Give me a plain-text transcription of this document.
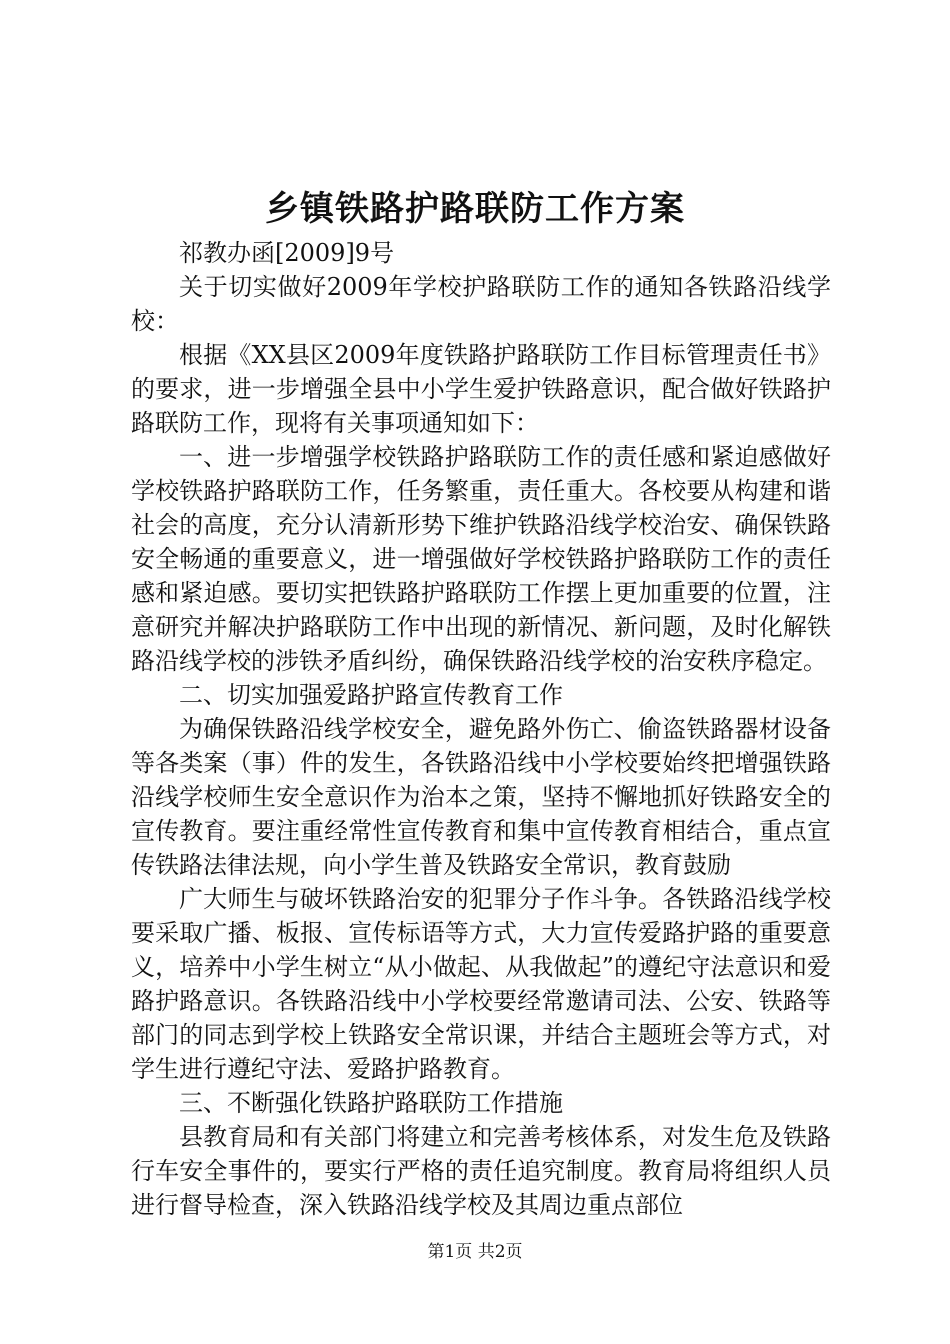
乡镇铁路护路联防工作方案

祁教办函[2009]9号

关于切实做好2009年学校护路联防工作的通知各铁路沿线学校：

根据《XX县区2009年度铁路护路联防工作目标管理责任书》的要求，进一步增强全县中小学生爱护铁路意识，配合做好铁路护路联防工作，现将有关事项通知如下：

一、进一步增强学校铁路护路联防工作的责任感和紧迫感做好学校铁路护路联防工作，任务繁重，责任重大。各校要从构建和谐社会的高度，充分认清新形势下维护铁路沿线学校治安、确保铁路安全畅通的重要意义，进一增强做好学校铁路护路联防工作的责任感和紧迫感。要切实把铁路护路联防工作摆上更加重要的位置，注意研究并解决护路联防工作中出现的新情况、新问题，及时化解铁路沿线学校的涉铁矛盾纠纷，确保铁路沿线学校的治安秩序稳定。

二、切实加强爱路护路宣传教育工作

为确保铁路沿线学校安全，避免路外伤亡、偷盗铁路器材设备等各类案（事）件的发生，各铁路沿线中小学校要始终把增强铁路沿线学校师生安全意识作为治本之策，坚持不懈地抓好铁路安全的宣传教育。要注重经常性宣传教育和集中宣传教育相结合，重点宣传铁路法律法规，向小学生普及铁路安全常识，教育鼓励

广大师生与破坏铁路治安的犯罪分子作斗争。各铁路沿线学校要采取广播、板报、宣传标语等方式，大力宣传爱路护路的重要意义，培养中小学生树立“从小做起、从我做起”的遵纪守法意识和爱路护路意识。各铁路沿线中小学校要经常邀请司法、公安、铁路等部门的同志到学校上铁路安全常识课，并结合主题班会等方式，对学生进行遵纪守法、爱路护路教育。

三、不断强化铁路护路联防工作措施

县教育局和有关部门将建立和完善考核体系，对发生危及铁路行车安全事件的，要实行严格的责任追究制度。教育局将组织人员进行督导检查，深入铁路沿线学校及其周边重点部位

第1页 共2页
